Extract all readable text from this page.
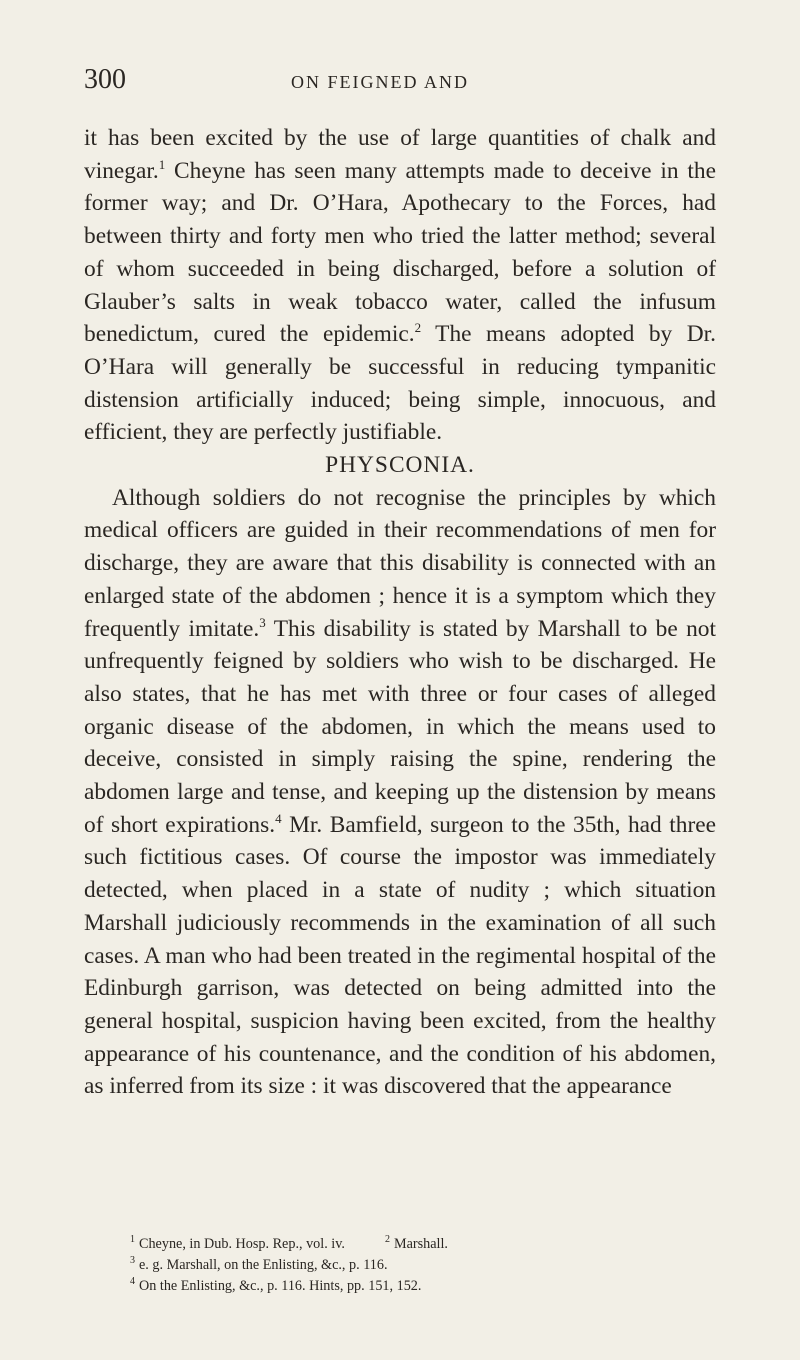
300	ON FEIGNED AND

it has been excited by the use of large quantities of chalk and vinegar.$^1$ Cheyne has seen many attempts made to deceive in the former way; and Dr. O’Hara, Apothecary to the Forces, had between thirty and forty men who tried the latter method; several of whom succeeded in being discharged, before a solution of Glauber’s salts in weak tobacco water, called the infusum benedictum, cured the epidemic.$^2$ The means adopted by Dr. O’Hara will generally be successful in reducing tympanitic distension artificially induced; being simple, innocuous, and efficient, they are perfectly justifiable.

PHYSCONIA.

Although soldiers do not recognise the principles by which medical officers are guided in their recommendations of men for discharge, they are aware that this disability is connected with an enlarged state of the abdomen ; hence it is a symptom which they frequently imitate.$^3$ This disability is stated by Marshall to be not unfrequently feigned by soldiers who wish to be discharged. He also states, that he has met with three or four cases of alleged organic disease of the abdomen, in which the means used to deceive, consisted in simply raising the spine, rendering the abdomen large and tense, and keeping up the distension by means of short expirations.$^4$ Mr. Bamfield, surgeon to the 35th, had three such fictitious cases. Of course the impostor was immediately detected, when placed in a state of nudity ; which situation Marshall judiciously recommends in the examination of all such cases. A man who had been treated in the regimental hospital of the Edinburgh garrison, was detected on being admitted into the general hospital, suspicion having been excited, from the healthy appearance of his countenance, and the condition of his abdomen, as inferred from its size : it was discovered that the appearance

$^1$ Cheyne, in Dub. Hosp. Rep., vol. iv.	$^2$ Marshall.
$^3$ e. g. Marshall, on the Enlisting, &c., p. 116.
$^4$ On the Enlisting, &c., p. 116. Hints, pp. 151, 152.
